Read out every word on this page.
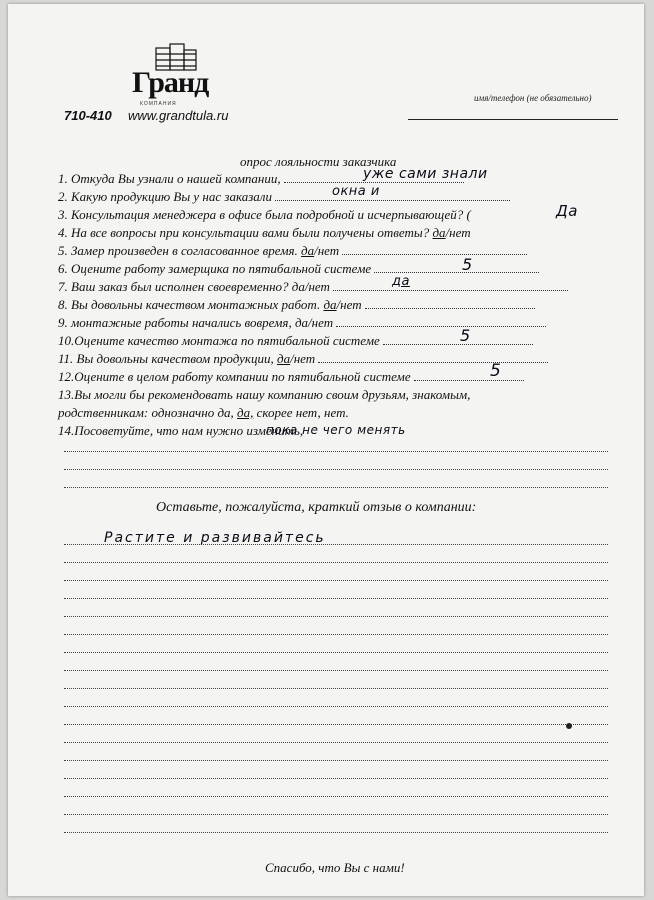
Гранд
КОМПАНИЯ
710-410 www.grandtula.ru
имя/телефон (не обязательно)
опрос лояльности заказчика
1. Откуда Вы узнали о нашей компании,	уже сами знали
2. Какую продукцию Вы у нас заказали	окна и
3. Консультация менеджера в офисе была подробной и исчерпывающей? (	Да
4. На все вопросы при консультации вами были получены ответы? да/нет
5. Замер произведен в согласованное время. да/нет
6. Оцените работу замерщика по пятибальной системе	5
7. Ваш заказ был исполнен своевременно? да/нет	да
8. Вы довольны качеством монтажных работ. да/нет
9. монтажные работы начались вовремя, да/нет
10.Оцените качество монтажа по пятибальной системе	5
11. Вы довольны качеством продукции, да/нет
12.Оцените в целом работу компании по пятибальной системе	5
13.Вы могли бы рекомендовать нашу компанию своим друзьям, знакомым,
родственникам: однозначно да, да, скорее нет, нет.
14.Посоветуйте, что нам нужно изменить,
пока не чего менять
Оставьте, пожалуйста, краткий отзыв о компании:
Растите и развивайтесь
Спасибо, что Вы с нами!
